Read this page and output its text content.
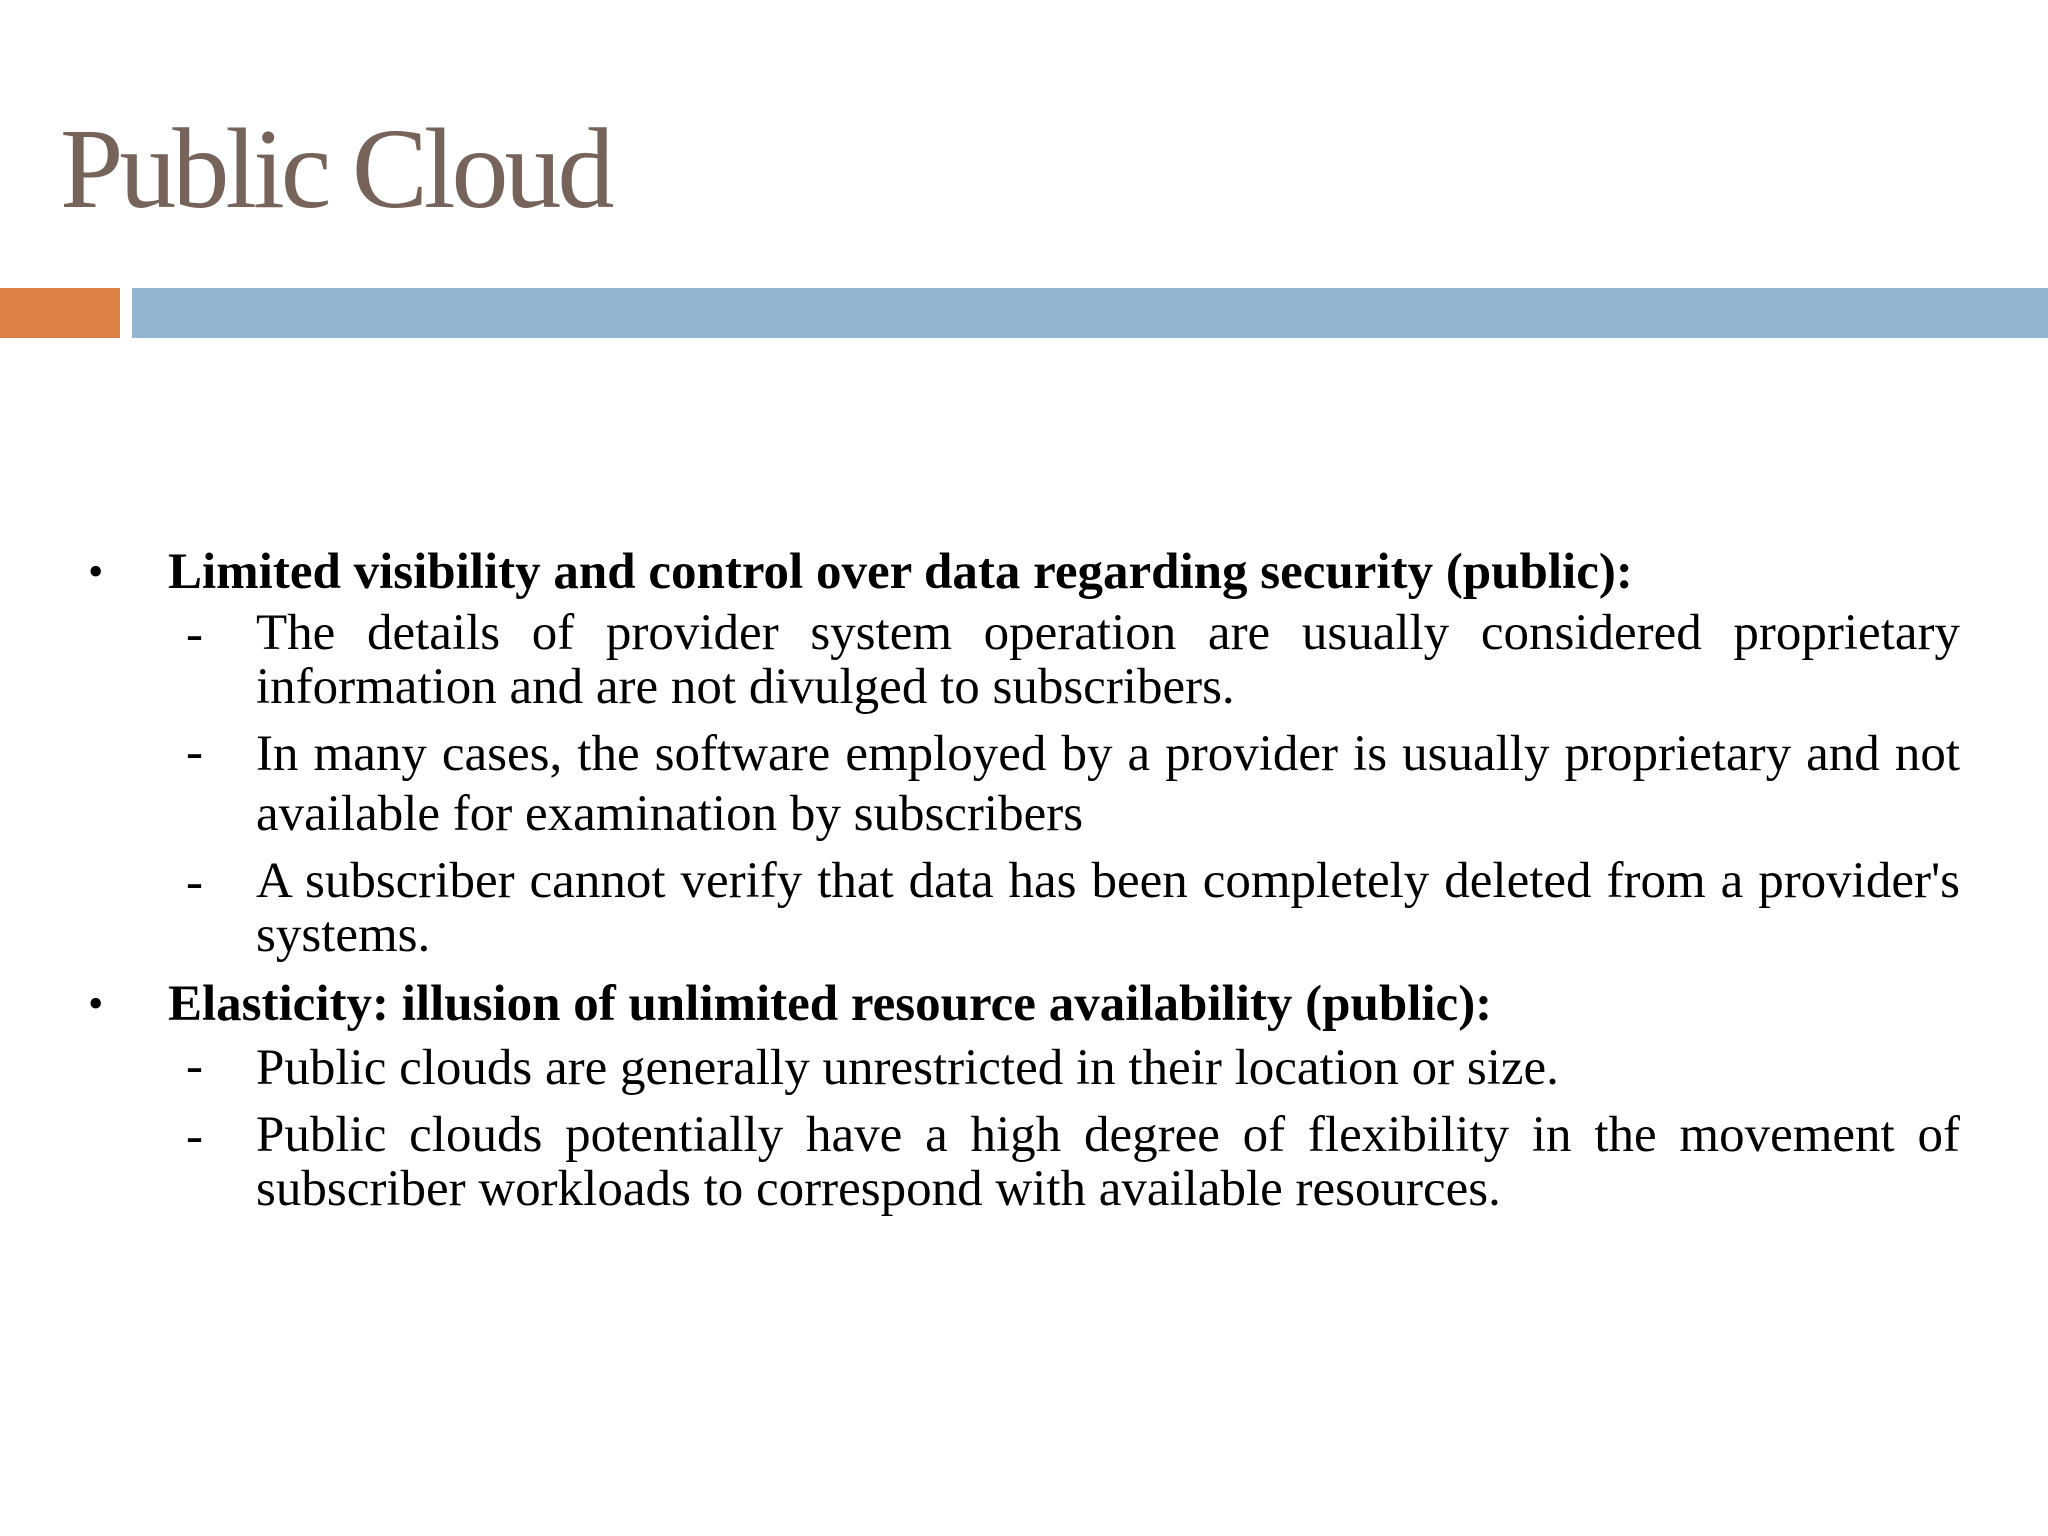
Public Cloud
• Limited visibility and control over data regarding security (public):
- The details of provider system operation are usually considered proprietary information and are not divulged to subscribers.
- In many cases, the software employed by a provider is usually proprietary and not available for examination by subscribers
- A subscriber cannot verify that data has been completely deleted from a provider's systems.
• Elasticity: illusion of unlimited resource availability (public):
- Public clouds are generally unrestricted in their location or size.
- Public clouds potentially have a high degree of flexibility in the movement of subscriber workloads to correspond with available resources.
